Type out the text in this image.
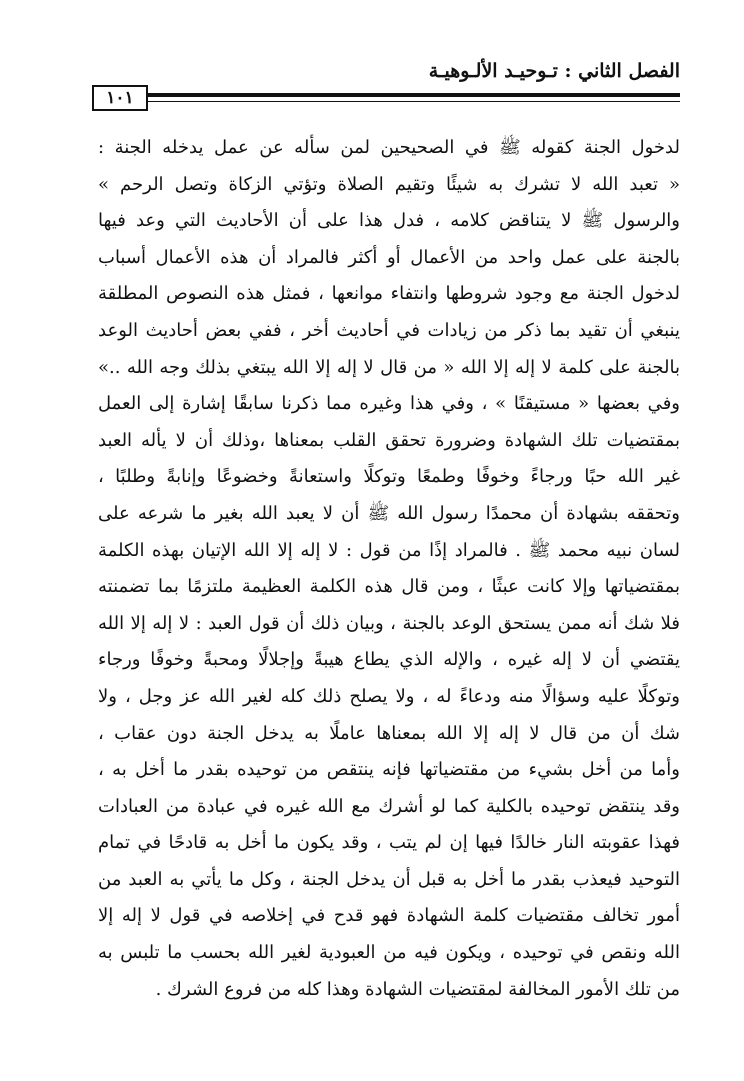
الفصل الثاني : تـوحيـد الألـوهيـة
١٠١
لدخول الجنة كقوله ﷺ في الصحيحين لمن سأله عن عمل يدخله الجنة :
« تعبد الله لا تشرك به شيئًا وتقيم الصلاة وتؤتي الزكاة وتصل الرحم »
والرسول ﷺ لا يتناقض كلامه ، فدل هذا على أن الأحاديث التي وعد فيها
بالجنة على عمل واحد من الأعمال أو أكثر فالمراد أن هذه الأعمال أسباب
لدخول الجنة مع وجود شروطها وانتفاء موانعها ، فمثل هذه النصوص المطلقة
ينبغي أن تقيد بما ذكر من زيادات في أحاديث أخر ، ففي بعض أحاديث الوعد
بالجنة على كلمة لا إله إلا الله « من قال لا إله إلا الله يبتغي بذلك وجه الله ..»
وفي بعضها « مستيقنًا » ، وفي هذا وغيره مما ذكرنا سابقًا إشارة إلى العمل
بمقتضيات تلك الشهادة وضرورة تحقق القلب بمعناها ،وذلك أن لا يأله العبد
غير الله حبًا ورجاءً وخوفًا وطمعًا وتوكلًا واستعانةً وخضوعًا وإنابةً وطلبًا ،
وتحققه بشهادة أن محمدًا رسول الله ﷺ أن لا يعبد الله بغير ما شرعه على
لسان نبيه محمد ﷺ . فالمراد إذًا من قول : لا إله إلا الله الإتيان بهذه الكلمة
بمقتضياتها وإلا كانت عبثًا ، ومن قال هذه الكلمة العظيمة ملتزمًا بما تضمنته
فلا شك أنه ممن يستحق الوعد بالجنة ، وبيان ذلك أن قول العبد : لا إله إلا الله
يقتضي أن لا إله غيره ، والإله الذي يطاع هيبةً وإجلالًا ومحبةً وخوفًا ورجاء
وتوكلًا عليه وسؤالًا منه ودعاءً له ، ولا يصلح ذلك كله لغير الله عز وجل ، ولا
شك أن من قال لا إله إلا الله بمعناها عاملًا به يدخل الجنة دون عقاب ،
وأما من أخل بشيء من مقتضياتها فإنه ينتقص من توحيده بقدر ما أخل به ،
وقد ينتقض توحيده بالكلية كما لو أشرك مع الله غيره في عبادة من العبادات
فهذا عقوبته النار خالدًا فيها إن لم يتب ، وقد يكون ما أخل به قادحًا في تمام
التوحيد فيعذب بقدر ما أخل به قبل أن يدخل الجنة ، وكل ما يأتي به العبد من
أمور تخالف مقتضيات كلمة الشهادة فهو قدح في إخلاصه في قول لا إله إلا
الله ونقص في توحيده ، ويكون فيه من العبودية لغير الله بحسب ما تلبس به
من تلك الأمور المخالفة لمقتضيات الشهادة وهذا كله من فروع الشرك .
